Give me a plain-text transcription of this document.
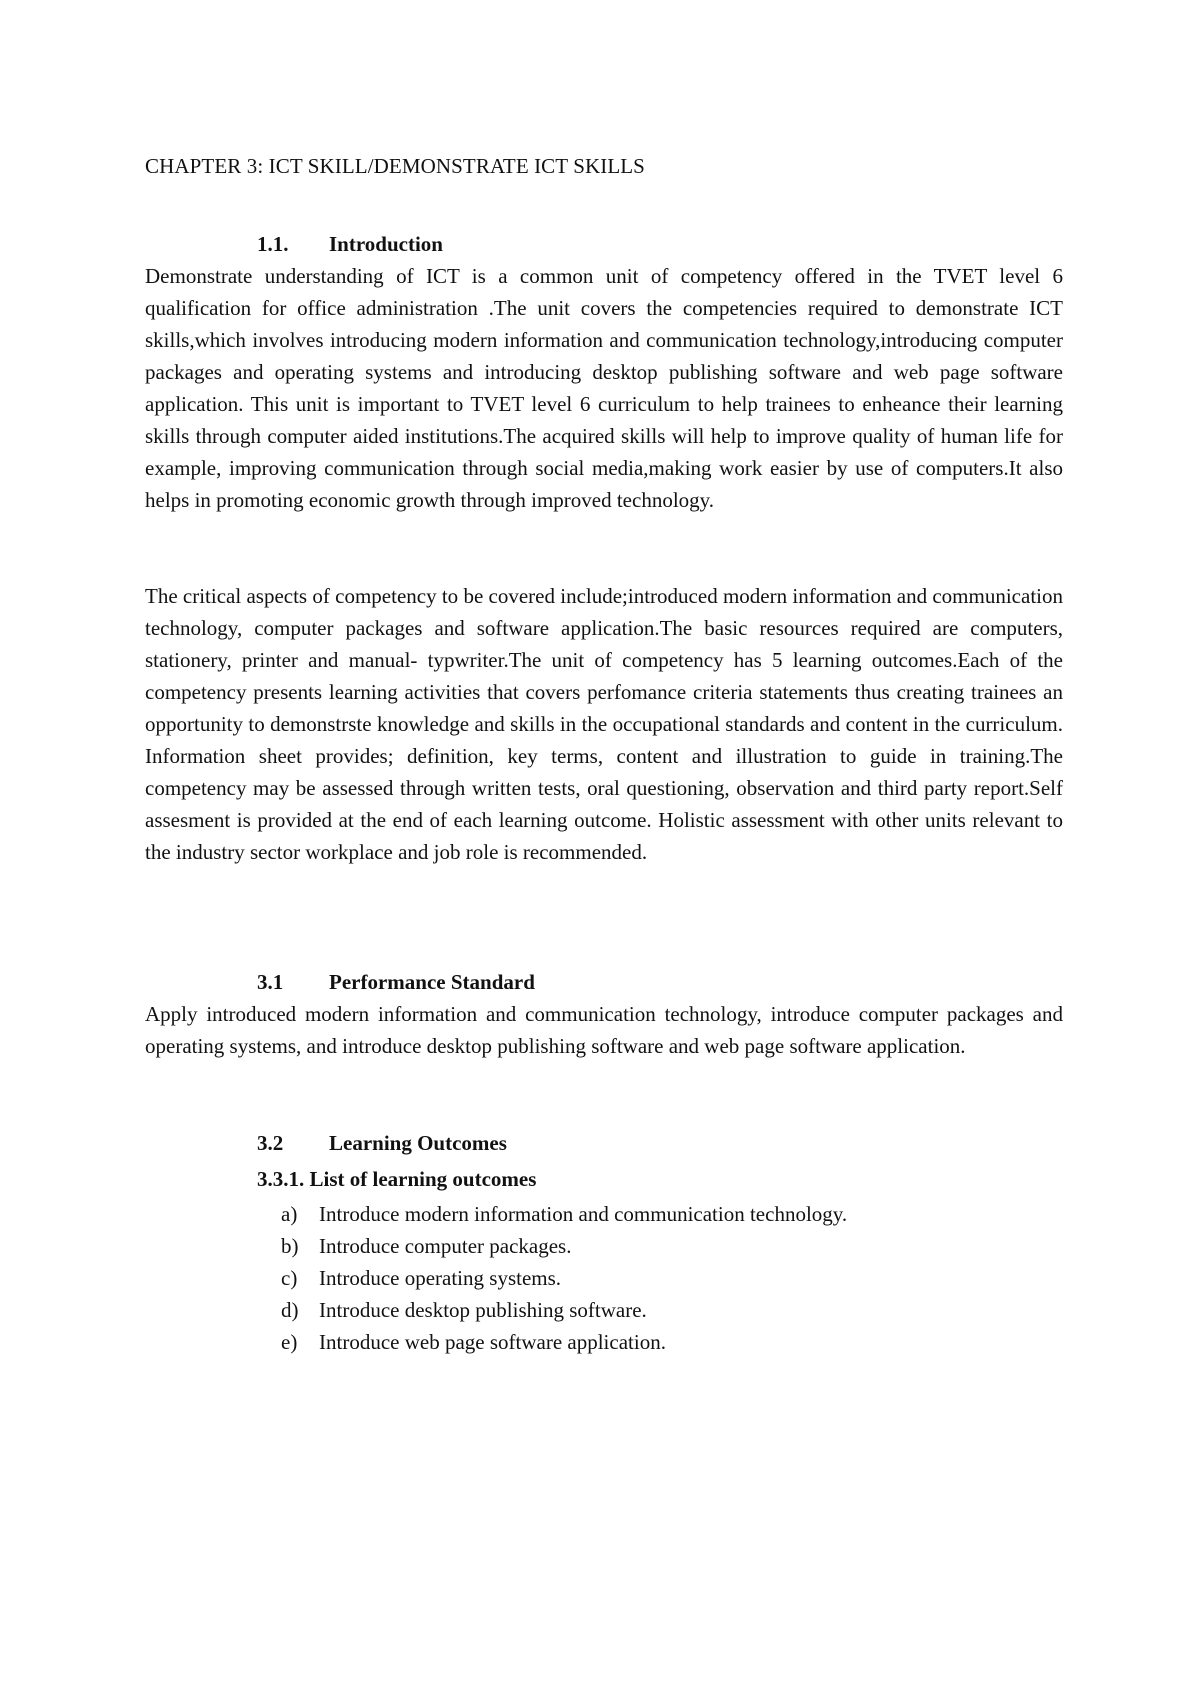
CHAPTER 3: ICT SKILL/DEMONSTRATE ICT SKILLS
1.1. Introduction

Demonstrate understanding of ICT is a common unit of competency offered in the TVET level 6 qualification for office administration .The unit covers the competencies required to demonstrate ICT skills,which involves introducing modern information and communication technology,introducing computer packages and operating systems and introducing desktop publishing software and web page software application. This unit is important to TVET level 6 curriculum to help trainees to enheance their learning skills through computer aided institutions.The acquired skills will help to improve quality of human life for example, improving communication through social media,making work easier by use of computers.It also helps in promoting economic growth through improved technology.

The critical aspects of competency to be covered include;introduced modern information and communication technology, computer packages and software application.The basic resources required are computers, stationery, printer and manual- typwriter.The unit of competency has 5 learning outcomes.Each of the competency presents learning activities that covers perfomance criteria statements thus creating trainees an opportunity to demonstrste knowledge and skills in the occupational standards and content in the curriculum. Information sheet provides; definition, key terms, content and illustration to guide in training.The competency may be assessed through written tests, oral questioning, observation and third party report.Self assesment is provided at the end of each learning outcome. Holistic assessment with other units relevant to the industry sector workplace and job role is recommended.

3.1 Performance Standard

Apply introduced modern information and communication technology, introduce computer packages and operating systems, and introduce desktop publishing software and web page software application.

3.2 Learning Outcomes
3.3.1. List of learning outcomes
a) Introduce modern information and communication technology.
b) Introduce computer packages.
c) Introduce operating systems.
d) Introduce desktop publishing software.
e) Introduce web page software application.
